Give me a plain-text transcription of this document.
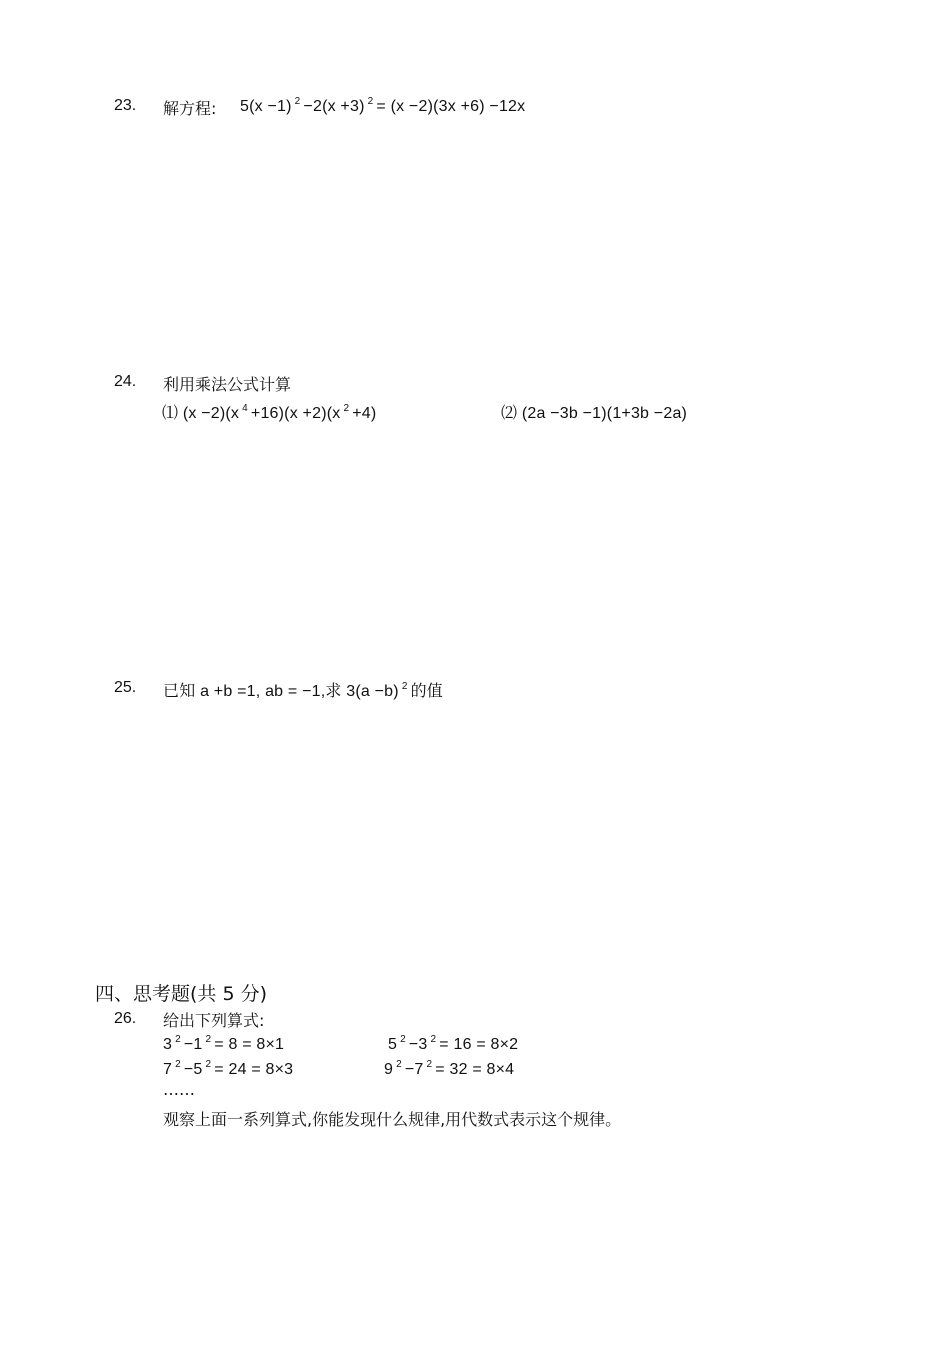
23. 解方程: 5(x −1) $^2$ −2(x +3) $^2$ = (x −2)(3x +6) −12x
24. 利用乘法公式计算
⑴ (x −2)(x $^4$ +16)(x +2)(x $^2$ +4)	⑵ (2a −3b −1)(1+3b −2a)
25. 已知 a +b =1, ab = −1,求 3(a −b) $^2$ 的值
四、思考题(共 5 分)
26. 给出下列算式:
3 $^2$ −1 $^2$ = 8 = 8×1	5 $^2$ −3 $^2$ = 16 = 8×2
7 $^2$ −5 $^2$ = 24 = 8×3	9 $^2$ −7 $^2$ = 32 = 8×4
……
观察上面一系列算式,你能发现什么规律,用代数式表示这个规律。
